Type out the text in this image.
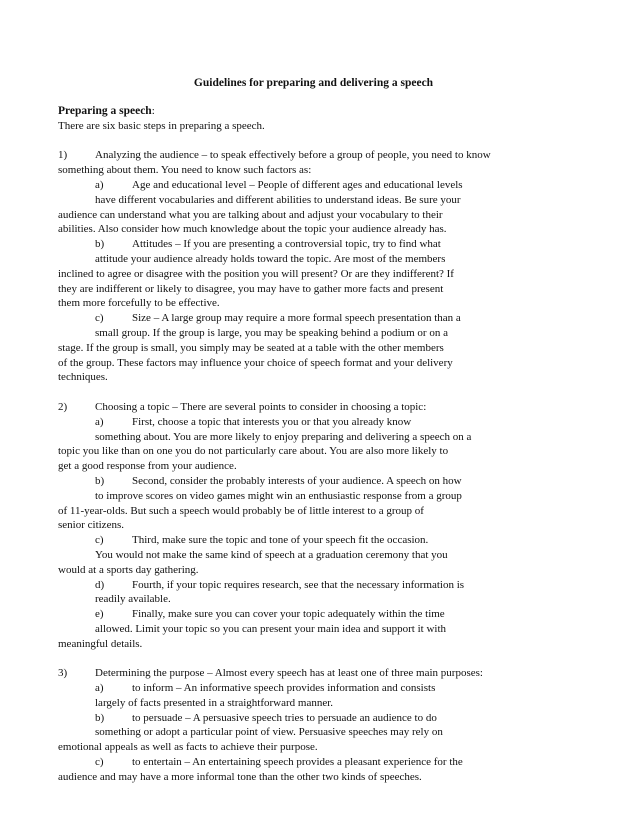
Guidelines for preparing and delivering a speech
Preparing a speech:
There are six basic steps in preparing a speech.
1)	Analyzing the audience – to speak effectively before a group of people, you need to know
something about them. You need to know such factors as:
a)	Age and educational level – People of different ages and educational levels
have different vocabularies and different abilities to understand ideas. Be sure your
audience can understand what you are talking about and adjust your vocabulary to their
abilities. Also consider how much knowledge about the topic your audience already has.
b)	Attitudes – If you are presenting a controversial topic, try to find what
attitude your audience already holds toward the topic. Are most of the members
inclined to agree or disagree with the position you will present? Or are they indifferent? If
they are indifferent or likely to disagree, you may have to gather more facts and present
them more forcefully to be effective.
c)	Size – A large group may require a more formal speech presentation than a
small group. If the group is large, you may be speaking behind a podium or on a
stage. If the group is small, you simply may be seated at a table with the other members
of the group. These factors may influence your choice of speech format and your delivery
techniques.
2)	Choosing a topic – There are several points to consider in choosing a topic:
a)	First, choose a topic that interests you or that you already know
something about. You are more likely to enjoy preparing and delivering a speech on a
topic you like than on one you do not particularly care about. You are also more likely to
get a good response from your audience.
b)	Second, consider the probably interests of your audience. A speech on how
to improve scores on video games might win an enthusiastic response from a group
of 11-year-olds. But such a speech would probably be of little interest to a group of
senior citizens.
c)	Third, make sure the topic and tone of your speech fit the occasion.
You would not make the same kind of speech at a graduation ceremony that you
would at a sports day gathering.
d)	Fourth, if your topic requires research, see that the necessary information is
readily available.
e)	Finally, make sure you can cover your topic adequately within the time
allowed. Limit your topic so you can present your main idea and support it with
meaningful details.
3)	Determining the purpose – Almost every speech has at least one of three main purposes:
a)	to inform – An informative speech provides information and consists
largely of facts presented in a straightforward manner.
b)	to persuade – A persuasive speech tries to persuade an audience to do
something or adopt a particular point of view. Persuasive speeches may rely on
emotional appeals as well as facts to achieve their purpose.
c)	to entertain – An entertaining speech provides a pleasant experience for the
audience and may have a more informal tone than the other two kinds of speeches.
